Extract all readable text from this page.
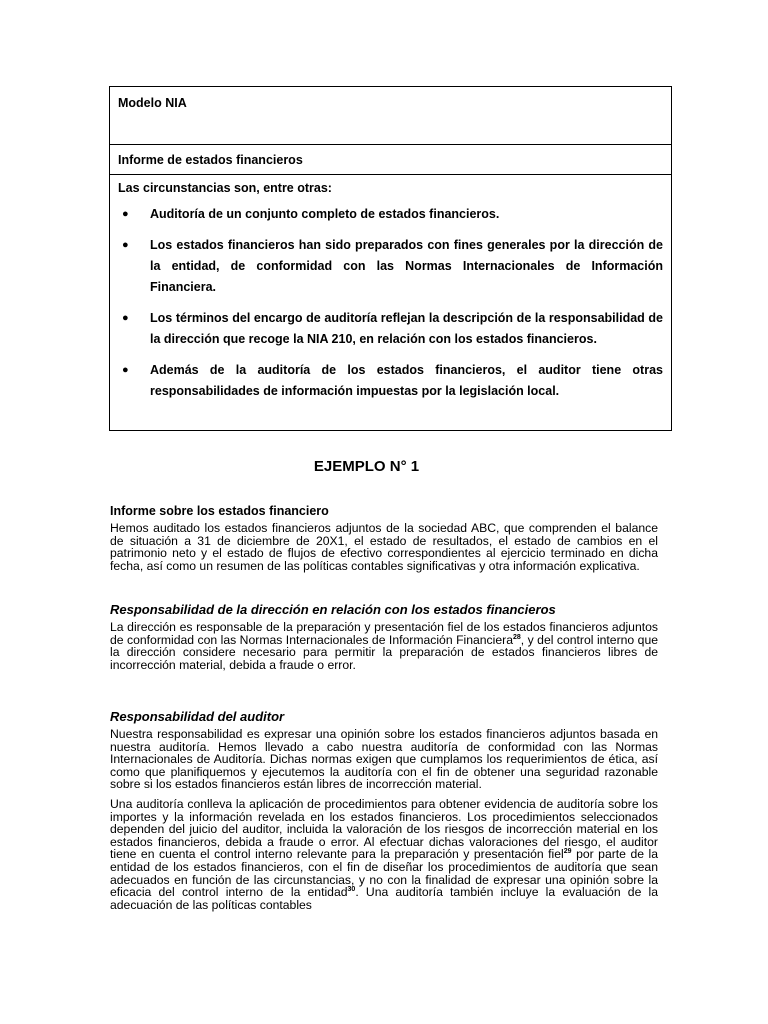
Modelo NIA
Informe de estados financieros
Las circunstancias son, entre otras:
● Auditoría de un conjunto completo de estados financieros.
● Los estados financieros han sido preparados con fines generales por la dirección de la entidad, de conformidad con las Normas Internacionales de Información Financiera.
● Los términos del encargo de auditoría reflejan la descripción de la responsabilidad de la dirección que recoge la NIA 210, en relación con los estados financieros.
● Además de la auditoría de los estados financieros, el auditor tiene otras responsabilidades de información impuestas por la legislación local.
EJEMPLO N° 1

Informe sobre los estados financiero

Hemos auditado los estados financieros adjuntos de la sociedad ABC, que comprenden el balance de situación a 31 de diciembre de 20X1, el estado de resultados, el estado de cambios en el patrimonio neto y el estado de flujos de efectivo correspondientes al ejercicio terminado en dicha fecha, así como un resumen de las políticas contables significativas y otra información explicativa.

Responsabilidad de la dirección en relación con los estados financieros

La dirección es responsable de la preparación y presentación fiel de los estados financieros adjuntos de conformidad con las Normas Internacionales de Información Financiera$^{28}$, y del control interno que la dirección considere necesario para permitir la preparación de estados financieros libres de incorrección material, debida a fraude o error.

Responsabilidad del auditor

Nuestra responsabilidad es expresar una opinión sobre los estados financieros adjuntos basada en nuestra auditoría. Hemos llevado a cabo nuestra auditoría de conformidad con las Normas Internacionales de Auditoría. Dichas normas exigen que cumplamos los requerimientos de ética, así como que planifiquemos y ejecutemos la auditoría con el fin de obtener una seguridad razonable sobre si los estados financieros están libres de incorrección material.

Una auditoría conlleva la aplicación de procedimientos para obtener evidencia de auditoría sobre los importes y la información revelada en los estados financieros. Los procedimientos seleccionados dependen del juicio del auditor, incluida la valoración de los riesgos de incorrección material en los estados financieros, debida a fraude o error. Al efectuar dichas valoraciones del riesgo, el auditor tiene en cuenta el control interno relevante para la preparación y presentación fiel$^{29}$ por parte de la entidad de los estados financieros, con el fin de diseñar los procedimientos de auditoría que sean adecuados en función de las circunstancias, y no con la finalidad de expresar una opinión sobre la eficacia del control interno de la entidad$^{30}$. Una auditoría también incluye la evaluación de la adecuación de las políticas contables
